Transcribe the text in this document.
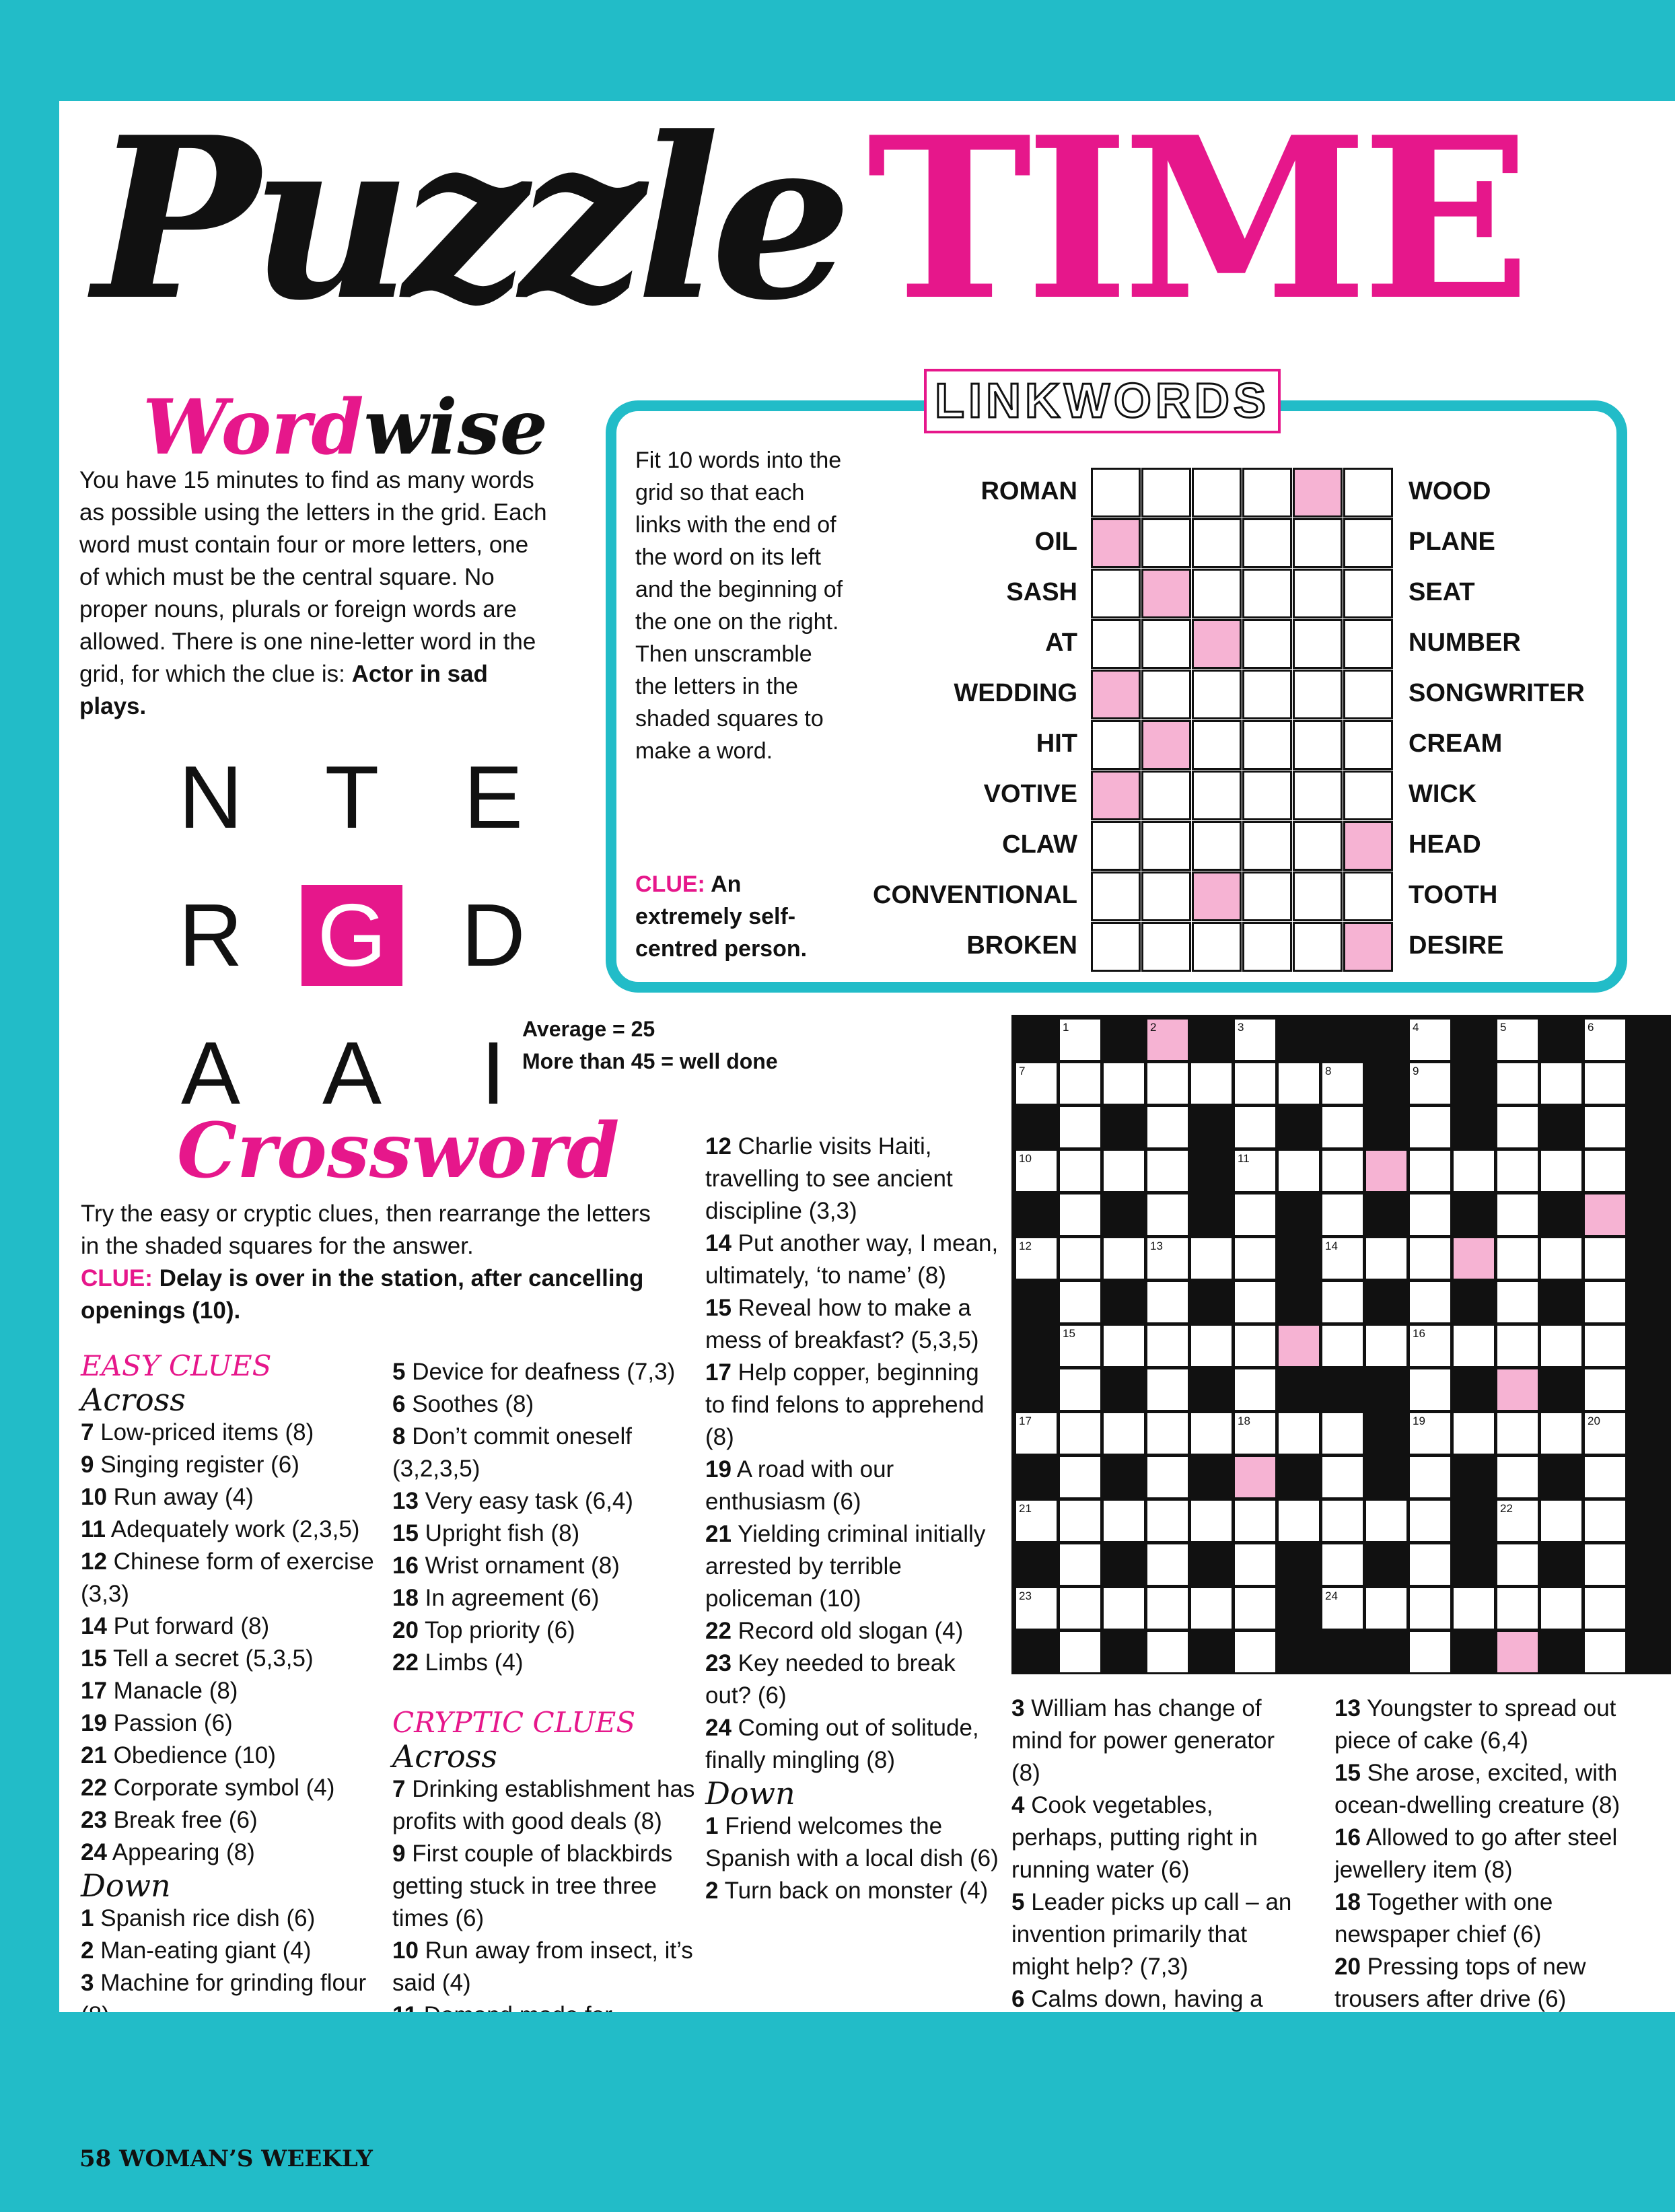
Puzzle TIME
Wordwise
You have 15 minutes to find as many words as possible using the letters in the grid. Each word must contain four or more letters, one of which must be the central square. No proper nouns, plurals or foreign words are allowed. There is one nine-letter word in the grid, for which the clue is: Actor in sad plays.
N T E
R G D
A A	I Average = 25
More than 45 = well done
LINKWORDS
Fit 10 words into the grid so that each links with the end of the word on its left and the beginning of the one on the right. Then unscramble the letters in the shaded squares to make a word.
CLUE: An extremely self-centred person.
ROMAN	WOOD
OIL	PLANE
SASH	SEAT
AT	NUMBER
WEDDING	SONGWRITER
HIT	CREAM
VOTIVE	WICK
CLAW	HEAD
CONVENTIONAL	TOOTH
BROKEN	DESIRE
Crossword
Try the easy or cryptic clues, then rearrange the letters in the shaded squares for the answer.
CLUE: Delay is over in the station, after cancelling openings (10).
1	2	3	4	5	6
7	8	9
10	11
12	13	14
15	16
17	18	19	20
21	22
23	24
EASY CLUES
Across
7 Low-priced items (8)
9 Singing register (6)
10 Run away (4)
11 Adequately work (2,3,5)
12 Chinese form of exercise (3,3)
14 Put forward (8)
15 Tell a secret (5,3,5)
17 Manacle (8)
19 Passion (6)
21 Obedience (10)
22 Corporate symbol (4)
23 Break free (6)
24 Appearing (8)
Down
1 Spanish rice dish (6)
2 Man-eating giant (4)
3 Machine for grinding flour
5 Device for deafness (7,3)
6 Soothes (8)
8 Don’t commit oneself (3,2,3,5)
13 Very easy task (6,4)
15 Upright fish (8)
16 Wrist ornament (8)
18 In agreement (6)
20 Top priority (6)
22 Limbs (4)
CRYPTIC CLUES
Across
7 Drinking establishment has profits with good deals (8)
9 First couple of blackbirds getting stuck in tree three times (6)
10 Run away from insect, it’s said (4)
12 Charlie visits Haiti, travelling to see ancient discipline (3,3)
14 Put another way, I mean, ultimately, ‘to name’ (8)
15 Reveal how to make a mess of breakfast? (5,3,5)
17 Help copper, beginning to find felons to apprehend (8)
19 A road with our enthusiasm (6)
21 Yielding criminal initially arrested by terrible policeman (10)
22 Record old slogan (4)
23 Key needed to break out? (6)
24 Coming out of solitude, finally mingling (8)
Down
1 Friend welcomes the Spanish with a local dish (6)
2 Turn back on monster (4)
3 William has change of mind for power generator (8)
4 Cook vegetables, perhaps, putting right in running water (6)
5 Leader picks up call – an invention primarily that might help? (7,3)
6 Calms down, having a
13 Youngster to spread out piece of cake (6,4)
15 She arose, excited, with ocean-dwelling creature (8)
16 Allowed to go after steel jewellery item (8)
18 Together with one newspaper chief (6)
20 Pressing tops of new trousers after drive (6)
58 WOMAN’S WEEKLY
